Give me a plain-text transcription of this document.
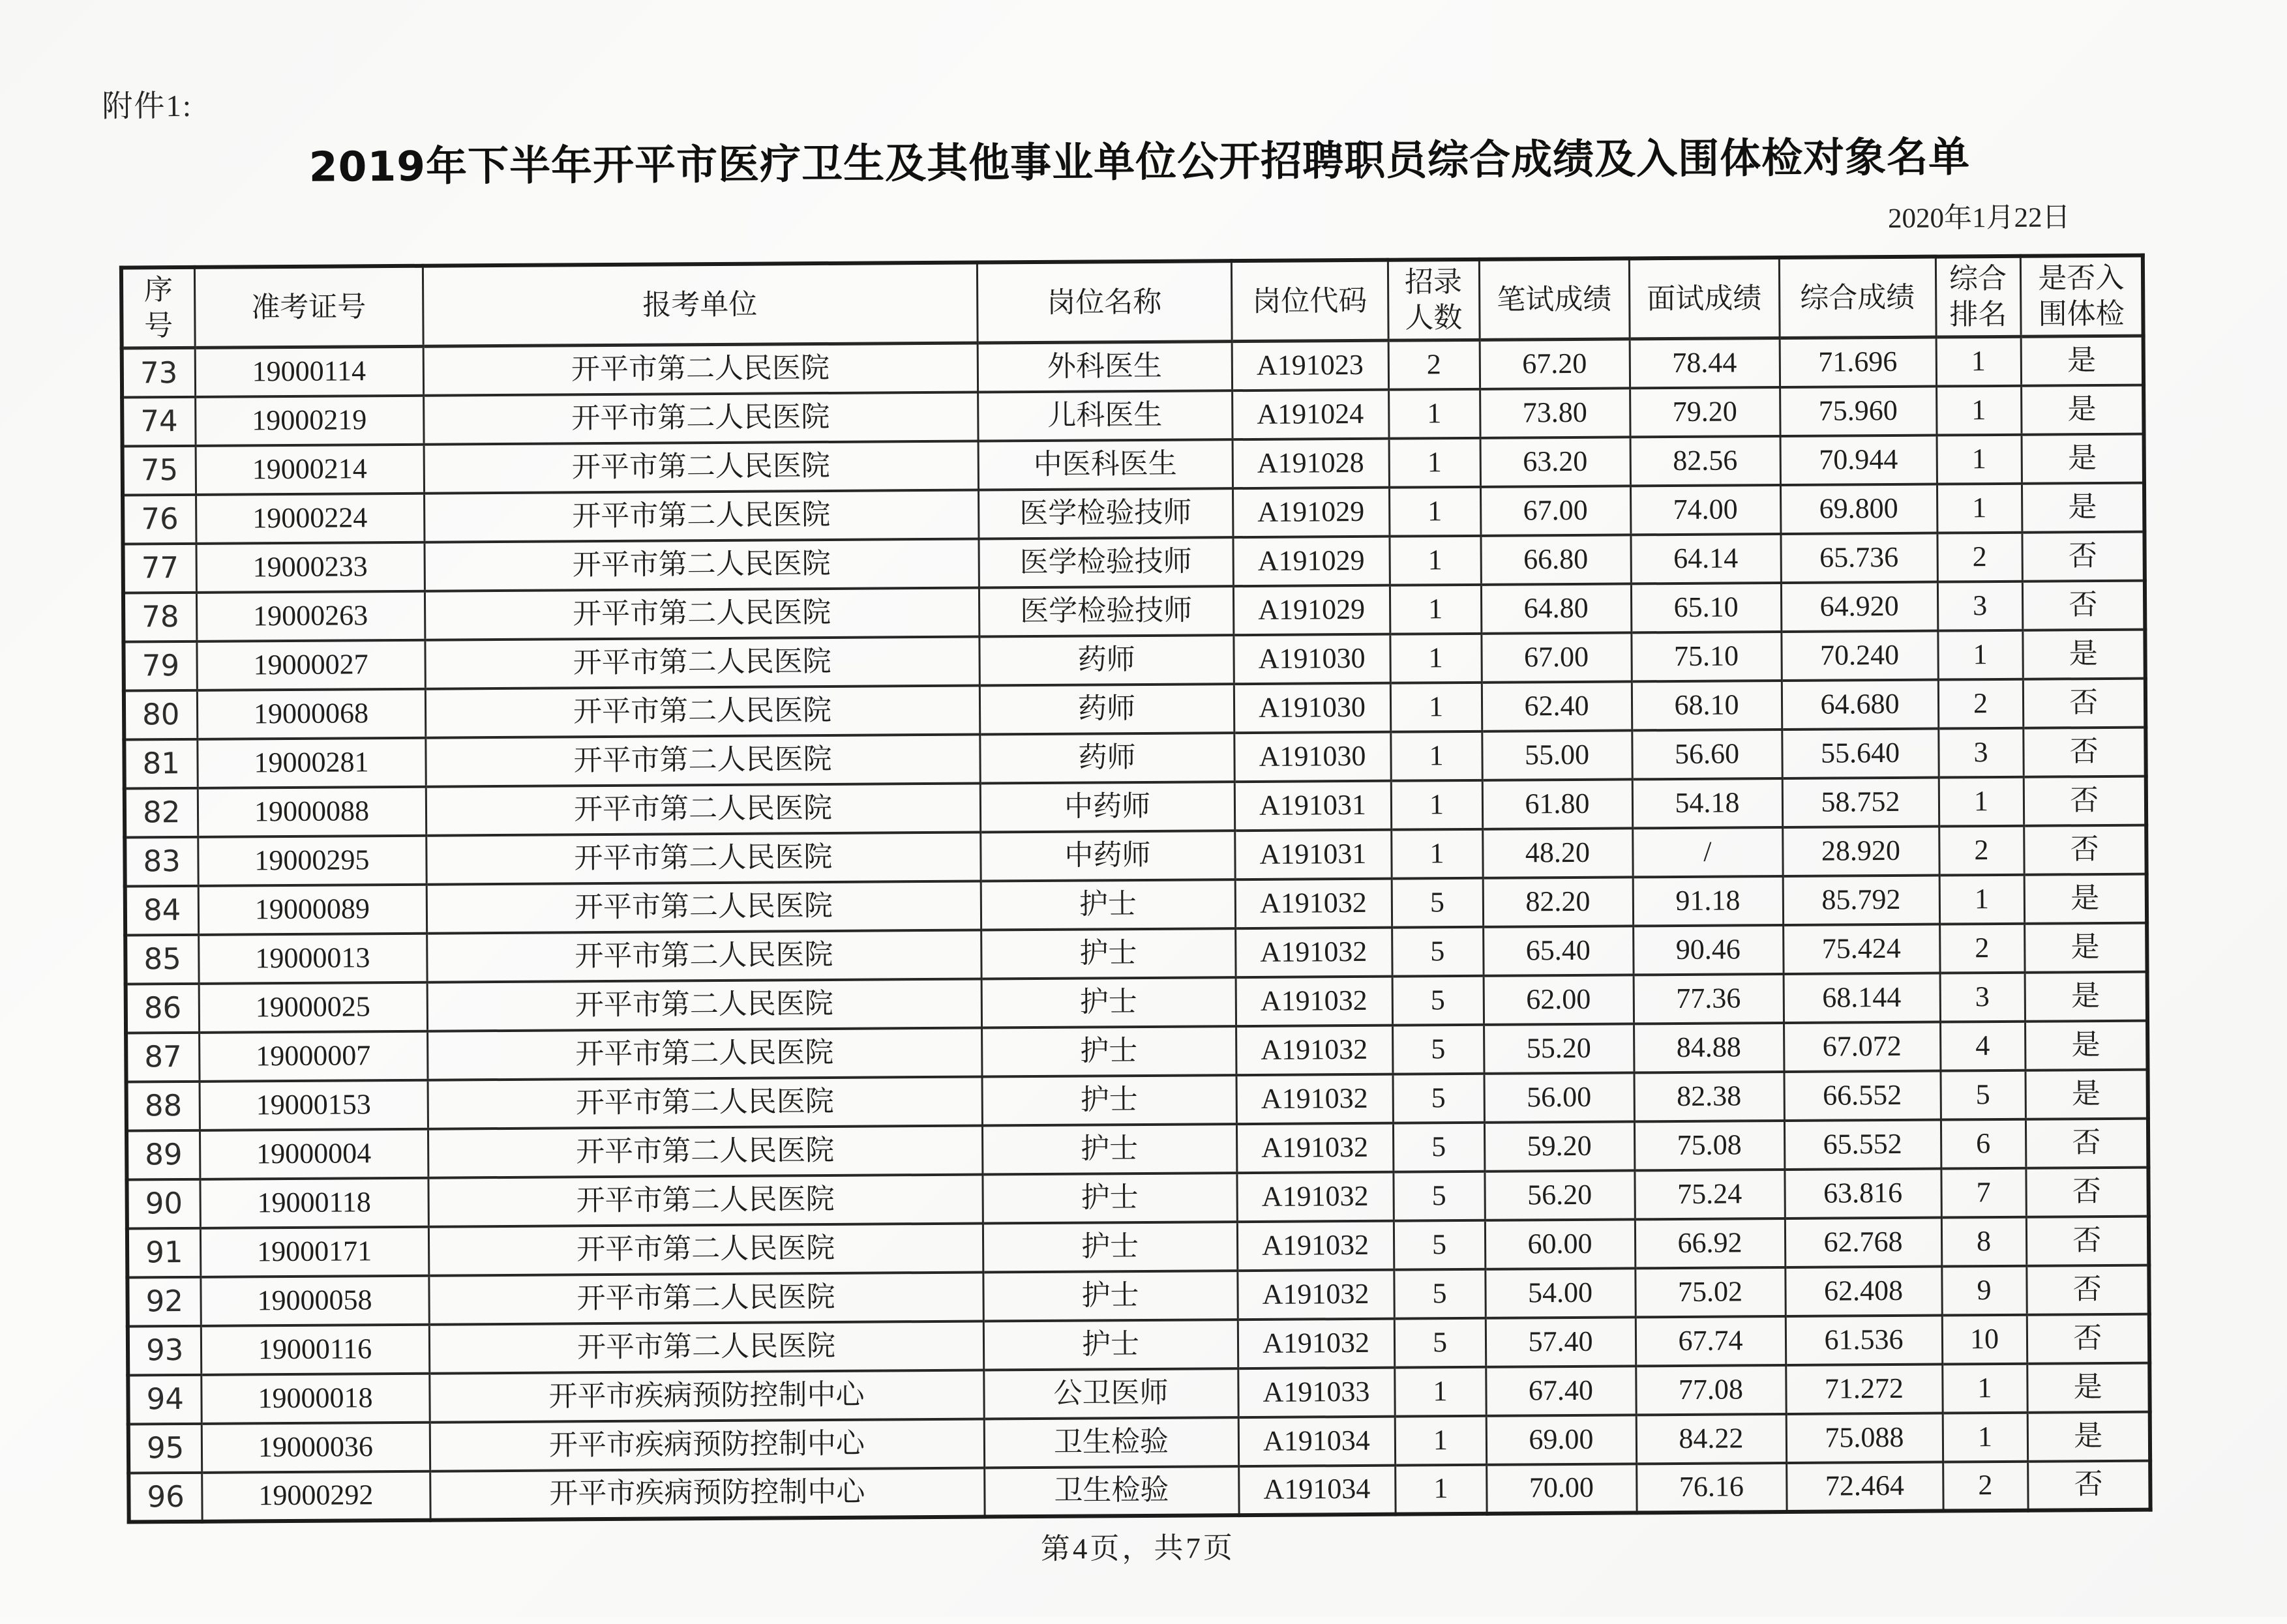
附件1:
2019年下半年开平市医疗卫生及其他事业单位公开招聘职员综合成绩及入围体检对象名单
2020年1月22日
序号	准考证号	报考单位	岗位名称	岗位代码	招录人数	笔试成绩	面试成绩	综合成绩	综合排名	是否入围体检
73	19000114	开平市第二人民医院	外科医生	A191023	2	67.20	78.44	71.696	1	是
74	19000219	开平市第二人民医院	儿科医生	A191024	1	73.80	79.20	75.960	1	是
75	19000214	开平市第二人民医院	中医科医生	A191028	1	63.20	82.56	70.944	1	是
76	19000224	开平市第二人民医院	医学检验技师	A191029	1	67.00	74.00	69.800	1	是
77	19000233	开平市第二人民医院	医学检验技师	A191029	1	66.80	64.14	65.736	2	否
78	19000263	开平市第二人民医院	医学检验技师	A191029	1	64.80	65.10	64.920	3	否
79	19000027	开平市第二人民医院	药师	A191030	1	67.00	75.10	70.240	1	是
80	19000068	开平市第二人民医院	药师	A191030	1	62.40	68.10	64.680	2	否
81	19000281	开平市第二人民医院	药师	A191030	1	55.00	56.60	55.640	3	否
82	19000088	开平市第二人民医院	中药师	A191031	1	61.80	54.18	58.752	1	否
83	19000295	开平市第二人民医院	中药师	A191031	1	48.20	/	28.920	2	否
84	19000089	开平市第二人民医院	护士	A191032	5	82.20	91.18	85.792	1	是
85	19000013	开平市第二人民医院	护士	A191032	5	65.40	90.46	75.424	2	是
86	19000025	开平市第二人民医院	护士	A191032	5	62.00	77.36	68.144	3	是
87	19000007	开平市第二人民医院	护士	A191032	5	55.20	84.88	67.072	4	是
88	19000153	开平市第二人民医院	护士	A191032	5	56.00	82.38	66.552	5	是
89	19000004	开平市第二人民医院	护士	A191032	5	59.20	75.08	65.552	6	否
90	19000118	开平市第二人民医院	护士	A191032	5	56.20	75.24	63.816	7	否
91	19000171	开平市第二人民医院	护士	A191032	5	60.00	66.92	62.768	8	否
92	19000058	开平市第二人民医院	护士	A191032	5	54.00	75.02	62.408	9	否
93	19000116	开平市第二人民医院	护士	A191032	5	57.40	67.74	61.536	10	否
94	19000018	开平市疾病预防控制中心	公卫医师	A191033	1	67.40	77.08	71.272	1	是
95	19000036	开平市疾病预防控制中心	卫生检验	A191034	1	69.00	84.22	75.088	1	是
96	19000292	开平市疾病预防控制中心	卫生检验	A191034	1	70.00	76.16	72.464	2	否
第4页，共7页
